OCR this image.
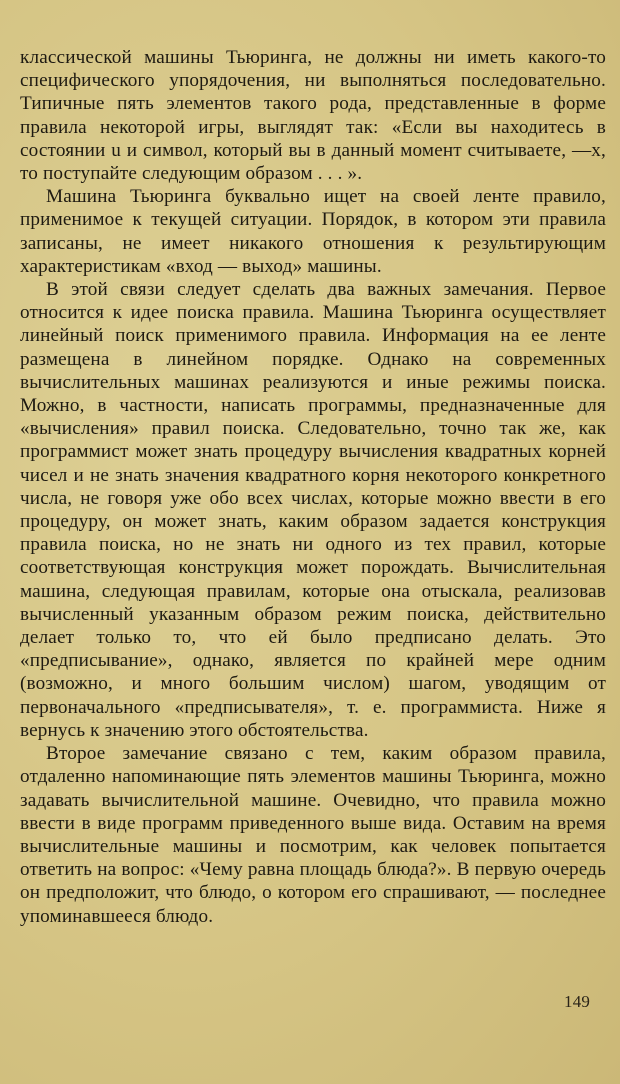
классической машины Тьюринга, не должны ни иметь какого-то специфического упорядочения, ни выполняться последовательно. Типичные пять элементов такого рода, представленные в форме правила некоторой игры, выглядят так: «Если вы находитесь в состоянии u и символ, который вы в данный момент считываете, —x, то поступайте следующим образом . . . ».

Машина Тьюринга буквально ищет на своей ленте правило, применимое к текущей ситуации. Порядок, в котором эти правила записаны, не имеет никакого отношения к результирующим характеристикам «вход — выход» машины.

В этой связи следует сделать два важных замечания. Первое относится к идее поиска правила. Машина Тьюринга осуществляет линейный поиск применимого правила. Информация на ее ленте размещена в линейном порядке. Однако на современных вычислительных машинах реализуются и иные режимы поиска. Можно, в частности, написать программы, предназначенные для «вычисления» правил поиска. Следовательно, точно так же, как программист может знать процедуру вычисления квадратных корней чисел и не знать значения квадратного корня некоторого конкретного числа, не говоря уже обо всех числах, которые можно ввести в его процедуру, он может знать, каким образом задается конструкция правила поиска, но не знать ни одного из тех правил, которые соответствующая конструкция может порождать. Вычислительная машина, следующая правилам, которые она отыскала, реализовав вычисленный указанным образом режим поиска, действительно делает только то, что ей было предписано делать. Это «предписывание», однако, является по крайней мере одним (возможно, и много большим числом) шагом, уводящим от первоначального «предписывателя», т. е. программиста. Ниже я вернусь к значению этого обстоятельства.

Второе замечание связано с тем, каким образом правила, отдаленно напоминающие пять элементов машины Тьюринга, можно задавать вычислительной машине. Очевидно, что правила можно ввести в виде программ приведенного выше вида. Оставим на время вычислительные машины и посмотрим, как человек попытается ответить на вопрос: «Чему равна площадь блюда?». В первую очередь он предположит, что блюдо, о котором его спрашивают, — последнее упоминавшееся блюдо.

149
